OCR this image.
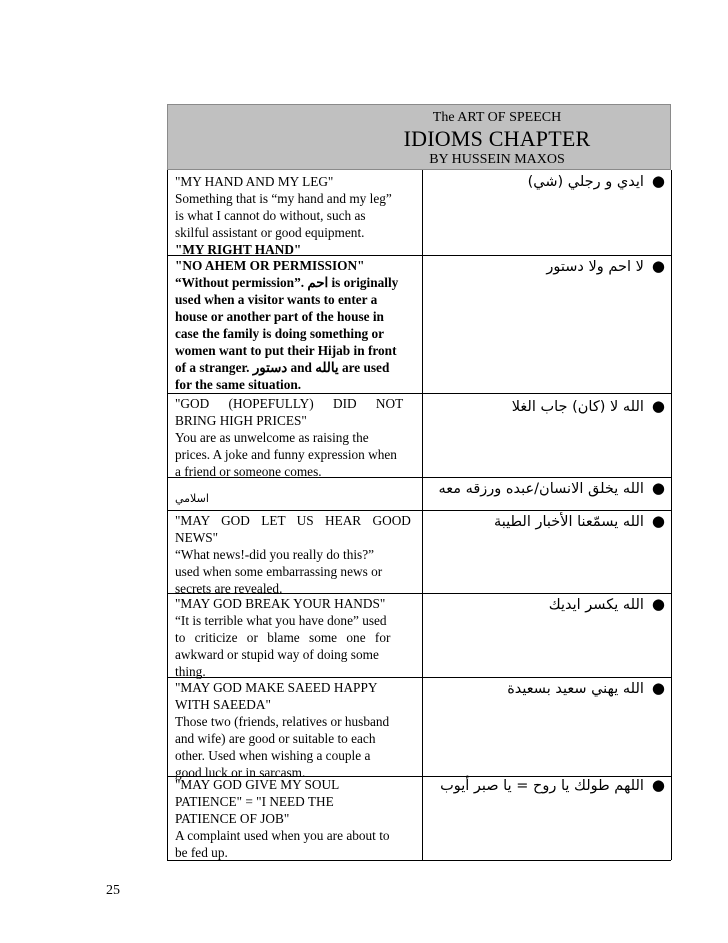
The ART OF SPEECH
IDIOMS CHAPTER
BY HUSSEIN MAXOS

"MY HAND AND MY LEG"

Something that is “my hand and my leg”

is what I cannot do without, such as

skilful assistant or good equipment.

"MY RIGHT HAND"

●ايدي و رجلي (شي)

"NO AHEM OR PERMISSION"

“Without permission”. احم is originally

used when a visitor wants to enter a

house or another part of the house in

case the family is doing something or

women want to put their Hijab in front

of a stranger. دستور and يالله are used

for the same situation.

●لا احم ولا دستور

"GOD (HOPEFULLY) DID NOT

BRING HIGH PRICES"

You are as unwelcome as raising the

prices. A joke and funny expression when

a friend or someone comes.

●الله لا (كان) جاب الغلا

اسلامي

●الله يخلق الانسان/عبده ورزقه معه

"MAY GOD LET US HEAR GOOD

NEWS"

“What news!-did you really do this?”

used when some embarrassing news or

secrets are revealed.

●الله يسمّعنا الأخبار الطيبة

"MAY GOD BREAK YOUR HANDS"

“It is terrible what you have done” used

to criticize or blame some one for

awkward or stupid way of doing some

thing.

●الله يكسر ايديك

"MAY GOD MAKE SAEED HAPPY

WITH SAEEDA"

Those two (friends, relatives or husband

and wife) are good or suitable to each

other. Used when wishing a couple a

good luck or in sarcasm.

●الله يهني سعيد بسعيدة

"MAY GOD GIVE MY SOUL

PATIENCE" = "I NEED THE

PATIENCE OF JOB"

A complaint used when you are about to

be fed up.

●اللهم طولك يا روح = يا صبر أيوب
25
